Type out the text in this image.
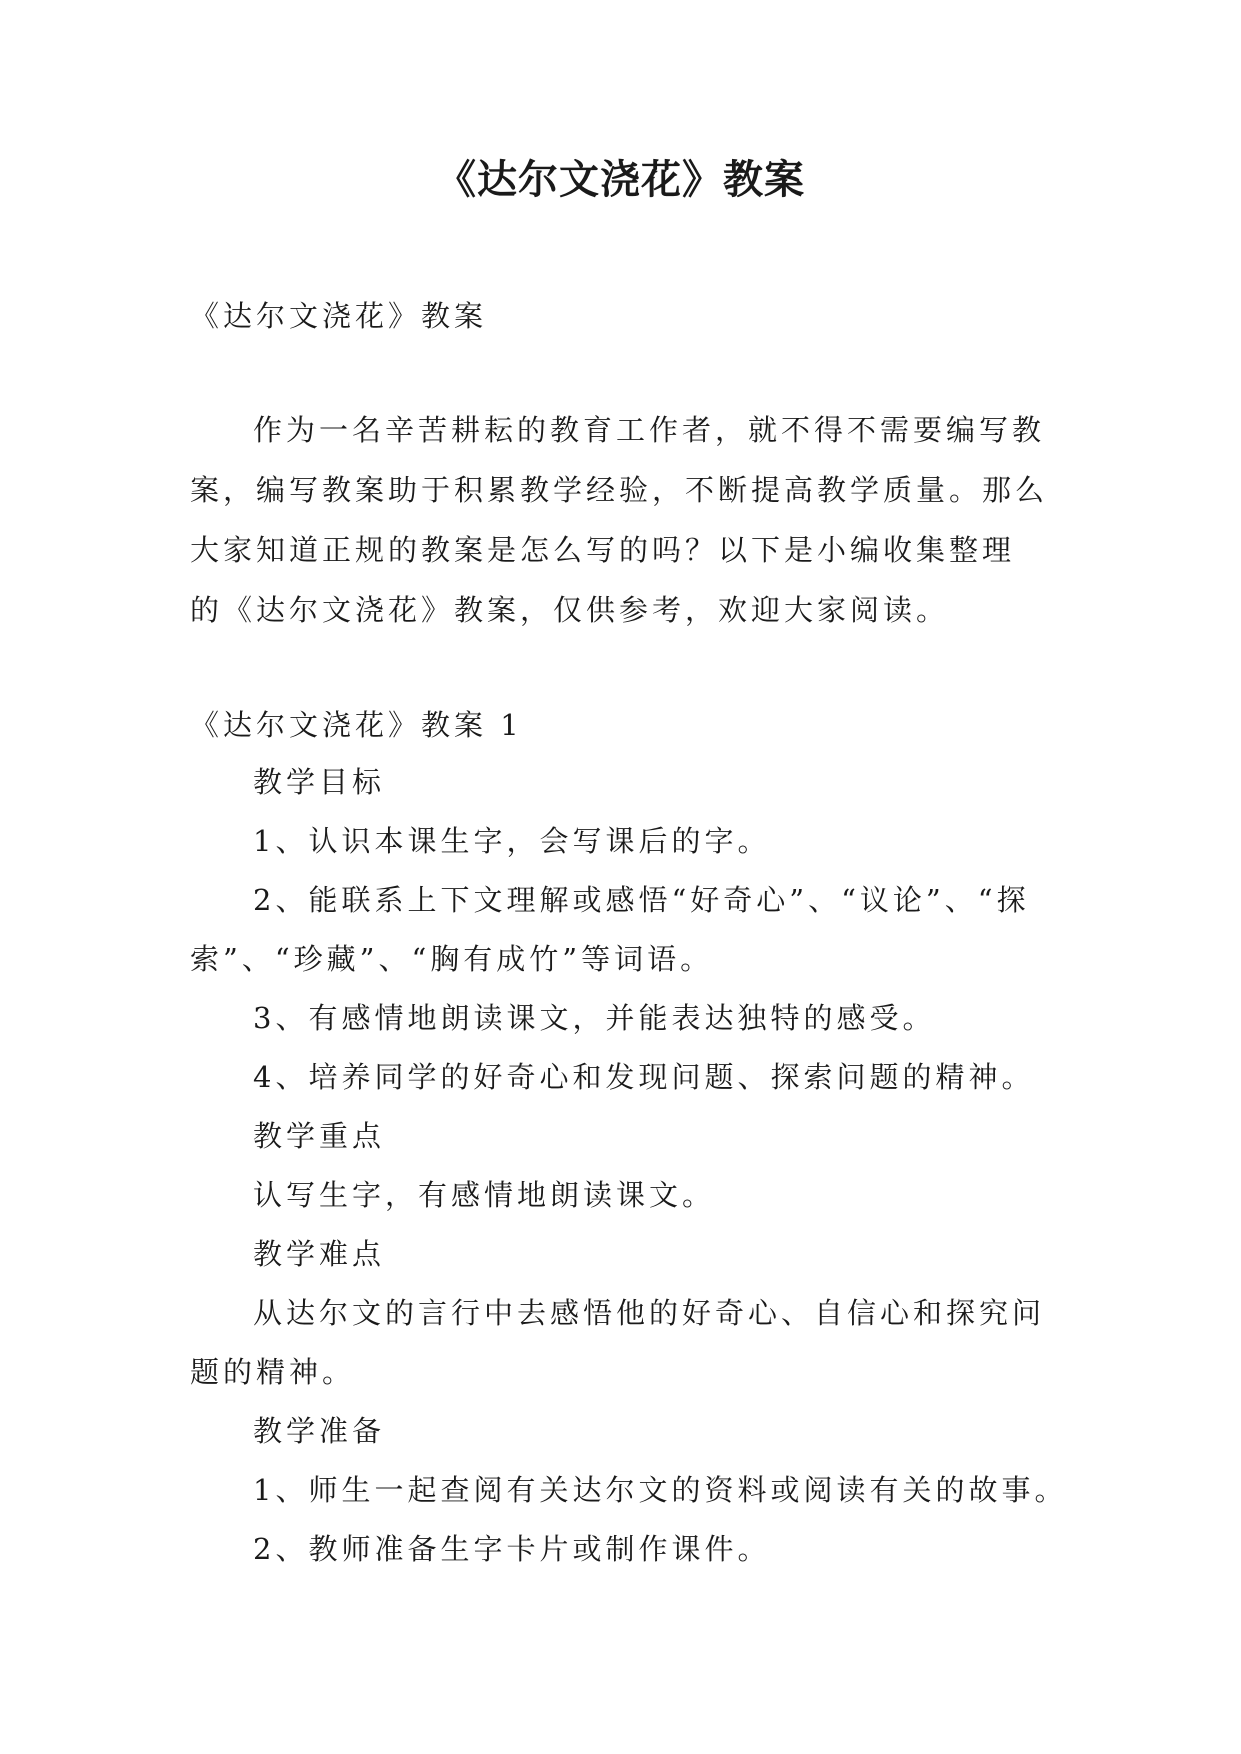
《达尔文浇花》教案

《达尔文浇花》教案

作为一名辛苦耕耘的教育工作者，就不得不需要编写教

案，编写教案助于积累教学经验，不断提高教学质量。那么

大家知道正规的教案是怎么写的吗？以下是小编收集整理

的《达尔文浇花》教案，仅供参考，欢迎大家阅读。

《达尔文浇花》教案 1

教学目标

1、认识本课生字，会写课后的字。

2、能联系上下文理解或感悟“好奇心”、“议论”、“探

索”、“珍藏”、“胸有成竹”等词语。

3、有感情地朗读课文，并能表达独特的感受。

4、培养同学的好奇心和发现问题、探索问题的精神。

教学重点

认写生字，有感情地朗读课文。

教学难点

从达尔文的言行中去感悟他的好奇心、自信心和探究问

题的精神。

教学准备

1、师生一起查阅有关达尔文的资料或阅读有关的故事。

2、教师准备生字卡片或制作课件。
